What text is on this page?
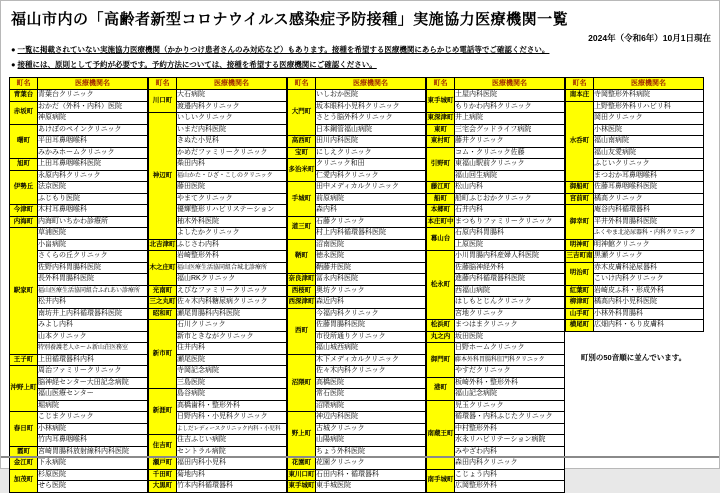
福山市内の「高齢者新型コロナウイルス感染症予防接種」実施協力医療機関一覧
2024年（令和6年）10月1日現在
● 一覧に掲載されていない実施協力医療機関（かかりつけ患者さんのみ対応など）もあります。接種を希望する医療機関にあらかじめ電話等でご確認ください。
● 接種には、原則として予約が必要です。予約方法については、接種を希望する医療機関にご確認ください。
町名	医療機関名
青葉台	青葉台クリニック
赤坂町	おかだ（外科・内科）医院
	神原病院
曙町	あけぼのペインクリニック
	平田耳鼻咽喉科
	みかみホームクリニック
旭町	上田耳鼻咽喉科医院
伊勢丘	永原内科クリニック
	法京医院
	ふじもり医院
今津町	木村耳鼻咽喉科
内海町	内海町いちかわ診療所
駅家町	草浦医院
	小畠病院
	さくらの丘クリニック
	佐野内科胃腸科医院
	長外科胃腸科医院
	福山医療生活協同組合ふれあい診療所
	松井内科
	南坊井上内科循環器科医院
	みよし内科
	山本クリニック
	特別養護老人ホーム新山荘医務室
王子町	上田循環器科内科
沖野上町	周治ファミリークリニック
	脳神経センター大田記念病院
	福山医療センター
	堀病院
春日町	こじまクリニック
	小林病院
	竹内耳鼻咽喉科
霞町	宮崎胃腸科放射線科内科医院
金江町	下永病院
加茂町	杉原医院
	せら医院
町名	医療機関名
川口町	大石病院
	渡邉内科クリニック
神辺町	いしいクリニック
	いまだ内科医院
	きぬた小児科
	かめだファミリークリニック
	柴田内科
	福山かた・ひざ・こしのクリニック
	藤田医院
	やまてクリニック
	優輝整形リハビリステーション
	柚木外科医院
	よしたかクリニック
北吉津町	ふじさわ内科
木之庄町	岩崎整形外科
	福山医療生活協同組合城北診療所
	福山RKクリニック
光南町	えびなファミリークリニック
三之丸町	佐々木内科糖尿病クリニック
昭和町	瀬尾胃腸科内科医院
新市町	石川クリニック
	新市ときながクリニック
	住井内科
	瀬尾医院
	寺岡記念病院
	三島医院
新涯町	島谷病院
	高橋歯科・整形外科
	日野内科・小児科クリニック
	よしだレディースクリニック内科・小児科
住吉町	住吉ふじい病院
	セントラル病院
瀬戸町	福田内科小児科
千田町	菊地内科
大黒町	竹本内科循環器科
町名	医療機関名
大門町	いしおか医院
	坂本眼科小児科クリニック
	さとう脳外科クリニック
	日本鋼管福山病院
高西町	田川内科医院
宝町	にしえクリニック
多治米町	クリニック和田
	仁愛内科クリニック
手城町	田中メディカルクリニック
	前原病院
	森内科
道三町	石藤クリニック
	村上内科循環器科医院
鞆町	沼南医院
	徳永医院
	鞆藤井医院
奈良津町	冨永内科医院
西桜町	奥坊クリニック
西深津町	森近内科
西町	今福内科クリニック
	佐藤胃腸科医院
	市役所通りクリニック
	福山城西病院
沼隈町	木下メディカルクリニック
	佐々木内科クリニック
	高橋医院
	常石医院
	沼隈病院
野上町	神辺内科医院
	古城クリニック
	山陽病院
	ちょう外科医院
花園町	花園クリニック
東川口町	石田内科・循環器科
東手城町	東手城医院
町名	医療機関名
東手城町	土屋内科医院
	もりかわ内科クリニック
東深津町	井上病院
東町	三宅会グッドライフ病院
東村町	藤井クリニック
引野町	コム・クリニック佐藤
	東福山駅前クリニック
	福山回生病院
藤江町	松山内科
船町	船町ふじおかクリニック
本郷町	石井内科
本庄町中	まつもりファミリークリニック
幕山台	石原内科胃腸科
	上原医院
松永町	小川胃腸内科産婦人科医院
	佐藤脳神経外科
	進藤内科循環器科医院
	西福山病院
	はしもとじんクリニック
	宮地クリニック
松浜町	まつはまクリニック
丸之内	坂田医院
御門町	日野ホームクリニック
	藤本外科胃腸科肛門科クリニック
	やすだクリニック
港町	板崎外科・整形外科
	福山記念病院
南蔵王町	児玉クリニック
	循環器・内科ふじたクリニック
	中村整形外科
	水永リハビリテーション病院
	みやざわ内科
	森田内科クリニック
南手城町	こじょう内科
	広岡整形外科
町名	医療機関名
南本庄	寺岡整形外科病院
水呑町	上野整形外科リハビリ科
	岡田クリニック
	小林医院
	福山南病院
	福山友愛病院
	ふじいクリニック
	まつおか耳鼻咽喉科
御船町	佐藤耳鼻咽喉科医院
宮前町	橘高クリニック
御幸町	庵谷内科循環器科
	平井外科胃腸科医院
	ふくやま北泌尿器科・内科クリニック
明神町	明神館クリニック
三吉町南	黒瀬クリニック
明治町	赤木皮膚科泌尿器科
	こいけ内科クリニック
紅葉町	岩崎皮ふ科・形成外科
柳津町	橘高内科小児科医院
山手町	小林外科胃腸科
横尾町	広畑内科・もり皮膚科
町別の50音順に並んでいます。
